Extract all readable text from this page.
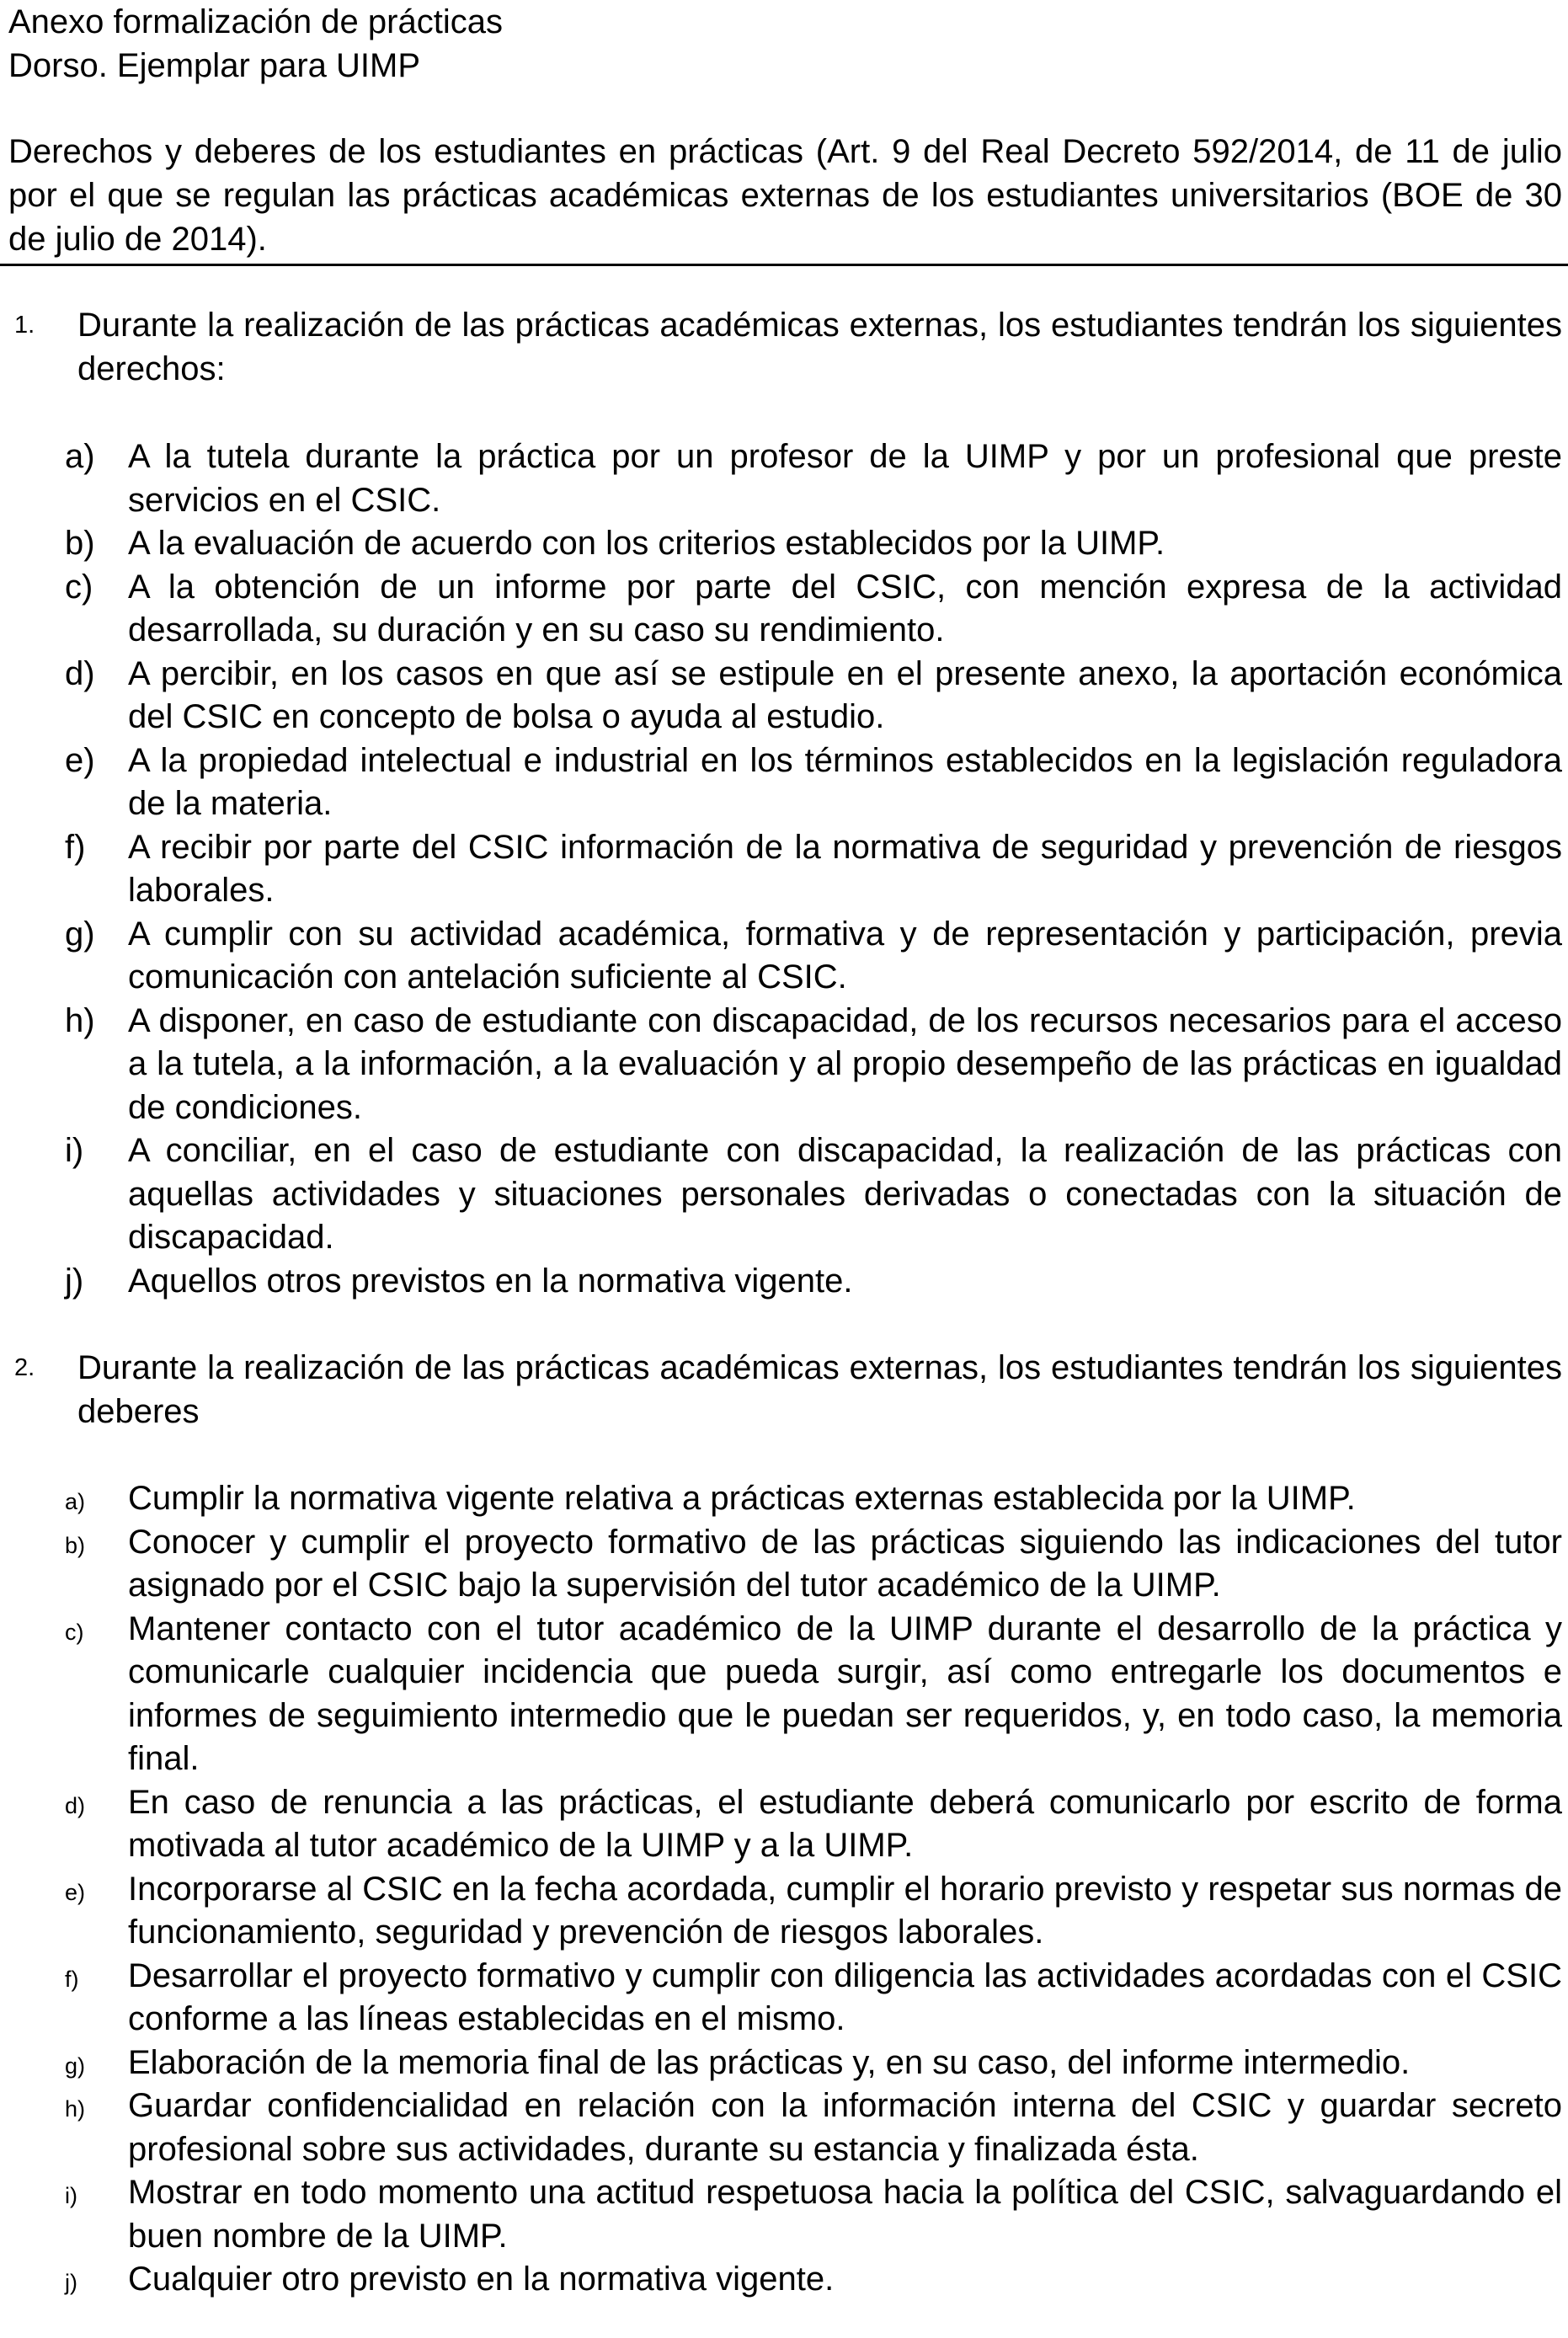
Anexo formalización de prácticas
Dorso. Ejemplar para UIMP
Derechos y deberes de los estudiantes en prácticas (Art. 9 del Real Decreto 592/2014, de 11 de julio por el que se regulan las prácticas académicas externas de los estudiantes universitarios (BOE de 30 de julio de 2014).
1. Durante la realización de las prácticas académicas externas, los estudiantes tendrán los siguientes derechos:
a) A la tutela durante la práctica por un profesor de la UIMP y por un profesional que preste servicios en el CSIC.
b) A la evaluación de acuerdo con los criterios establecidos por la UIMP.
c) A la obtención de un informe por parte del CSIC, con mención expresa de la actividad desarrollada, su duración y en su caso su rendimiento.
d) A percibir, en los casos en que así se estipule en el presente anexo, la aportación económica del CSIC en concepto de bolsa o ayuda al estudio.
e) A la propiedad intelectual e industrial en los términos establecidos en la legislación reguladora de la materia.
f) A recibir por parte del CSIC información de la normativa de seguridad y prevención de riesgos laborales.
g) A cumplir con su actividad académica, formativa y de representación y participación, previa comunicación con antelación suficiente al CSIC.
h) A disponer, en caso de estudiante con discapacidad, de los recursos necesarios para el acceso a la tutela, a la información, a la evaluación y al propio desempeño de las prácticas en igualdad de condiciones.
i) A conciliar, en el caso de estudiante con discapacidad, la realización de las prácticas con aquellas actividades y situaciones personales derivadas o conectadas con la situación de discapacidad.
j) Aquellos otros previstos en la normativa vigente.
2. Durante la realización de las prácticas académicas externas, los estudiantes tendrán los siguientes deberes
a) Cumplir la normativa vigente relativa a prácticas externas establecida por la UIMP.
b) Conocer y cumplir el proyecto formativo de las prácticas siguiendo las indicaciones del tutor asignado por el CSIC bajo la supervisión del tutor académico de la UIMP.
c) Mantener contacto con el tutor académico de la UIMP durante el desarrollo de la práctica y comunicarle cualquier incidencia que pueda surgir, así como entregarle los documentos e informes de seguimiento intermedio que le puedan ser requeridos, y, en todo caso, la memoria final.
d) En caso de renuncia a las prácticas, el estudiante deberá comunicarlo por escrito de forma motivada al tutor académico de la UIMP y a la UIMP.
e) Incorporarse al CSIC en la fecha acordada, cumplir el horario previsto y respetar sus normas de funcionamiento, seguridad y prevención de riesgos laborales.
f) Desarrollar el proyecto formativo y cumplir con diligencia las actividades acordadas con el CSIC conforme a las líneas establecidas en el mismo.
g) Elaboración de la memoria final de las prácticas y, en su caso, del informe intermedio.
h) Guardar confidencialidad en relación con la información interna del CSIC y guardar secreto profesional sobre sus actividades, durante su estancia y finalizada ésta.
i) Mostrar en todo momento una actitud respetuosa hacia la política del CSIC, salvaguardando el buen nombre de la UIMP.
j) Cualquier otro previsto en la normativa vigente.
